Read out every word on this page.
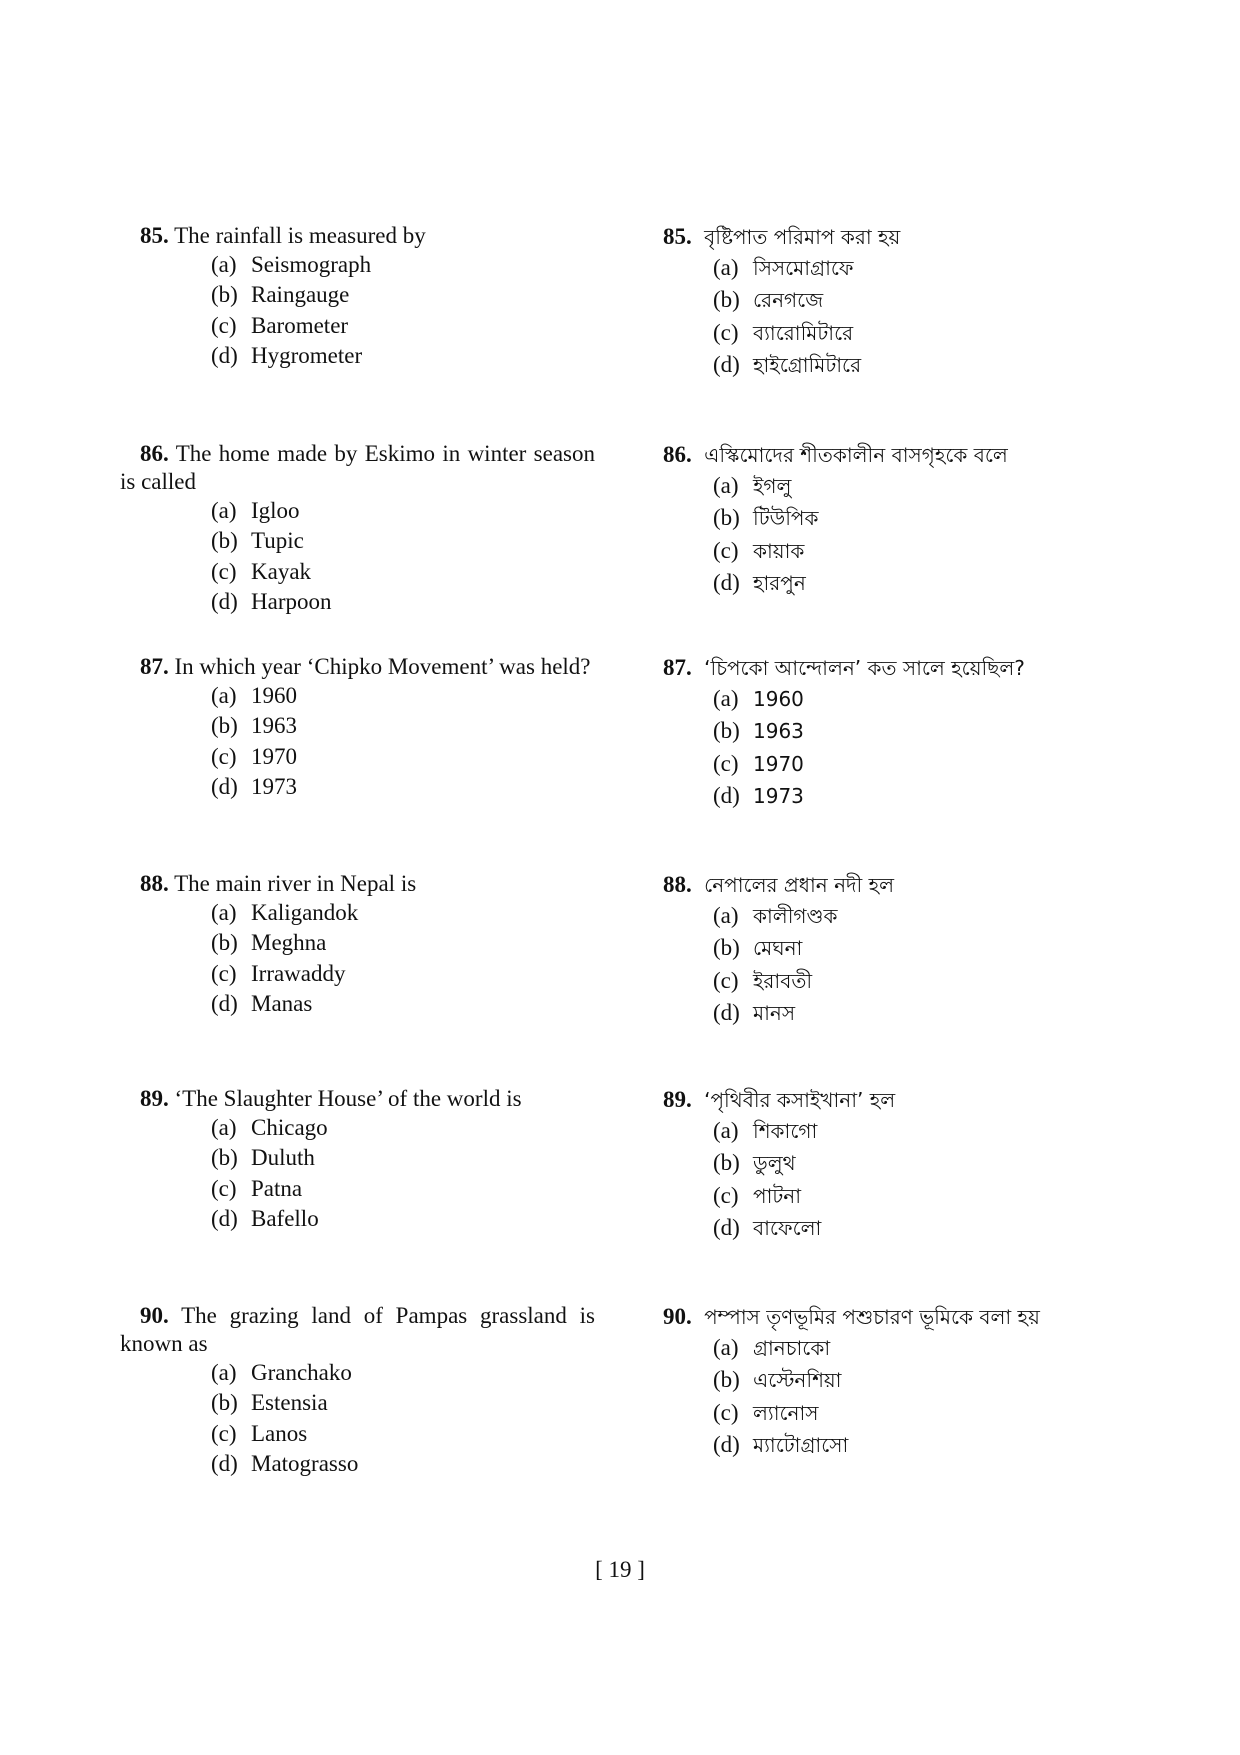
85. The rainfall is measured by

(a) Seismograph
(b) Raingauge
(c) Barometer
(d) Hygrometer

86. The home made by Eskimo in winter season is called

(a) Igloo
(b) Tupic
(c) Kayak
(d) Harpoon

87. In which year ‘Chipko Movement’ was held?

(a) 1960
(b) 1963
(c) 1970
(d) 1973

88. The main river in Nepal is

(a) Kaligandok
(b) Meghna
(c) Irrawaddy
(d) Manas

89. ‘The Slaughter House’ of the world is

(a) Chicago
(b) Duluth
(c) Patna
(d) Bafello

90. The grazing land of Pampas grassland is known as

(a) Granchako
(b) Estensia
(c) Lanos
(d) Matograsso

85. বৃষ্টিপাত পরিমাপ করা হয়

(a) সিসমোগ্রাফে
(b) রেনগজে
(c) ব্যারোমিটারে
(d) হাইগ্রোমিটারে

86. এস্কিমোদের শীতকালীন বাসগৃহকে বলে

(a) ইগলু
(b) টিউপিক
(c) কায়াক
(d) হারপুন

87. ‘চিপকো আন্দোলন’ কত সালে হয়েছিল?

(a) 1960
(b) 1963
(c) 1970
(d) 1973

88. নেপালের প্রধান নদী হল

(a) কালীগণ্ডক
(b) মেঘনা
(c) ইরাবতী
(d) মানস

89. ‘পৃথিবীর কসাইখানা’ হল

(a) শিকাগো
(b) ডুলুথ
(c) পাটনা
(d) বাফেলো

90. পম্পাস তৃণভূমির পশুচারণ ভূমিকে বলা হয়

(a) গ্রানচাকো
(b) এস্টেনশিয়া
(c) ল্যানোস
(d) ম্যাটোগ্রাসো
[ 19 ]
